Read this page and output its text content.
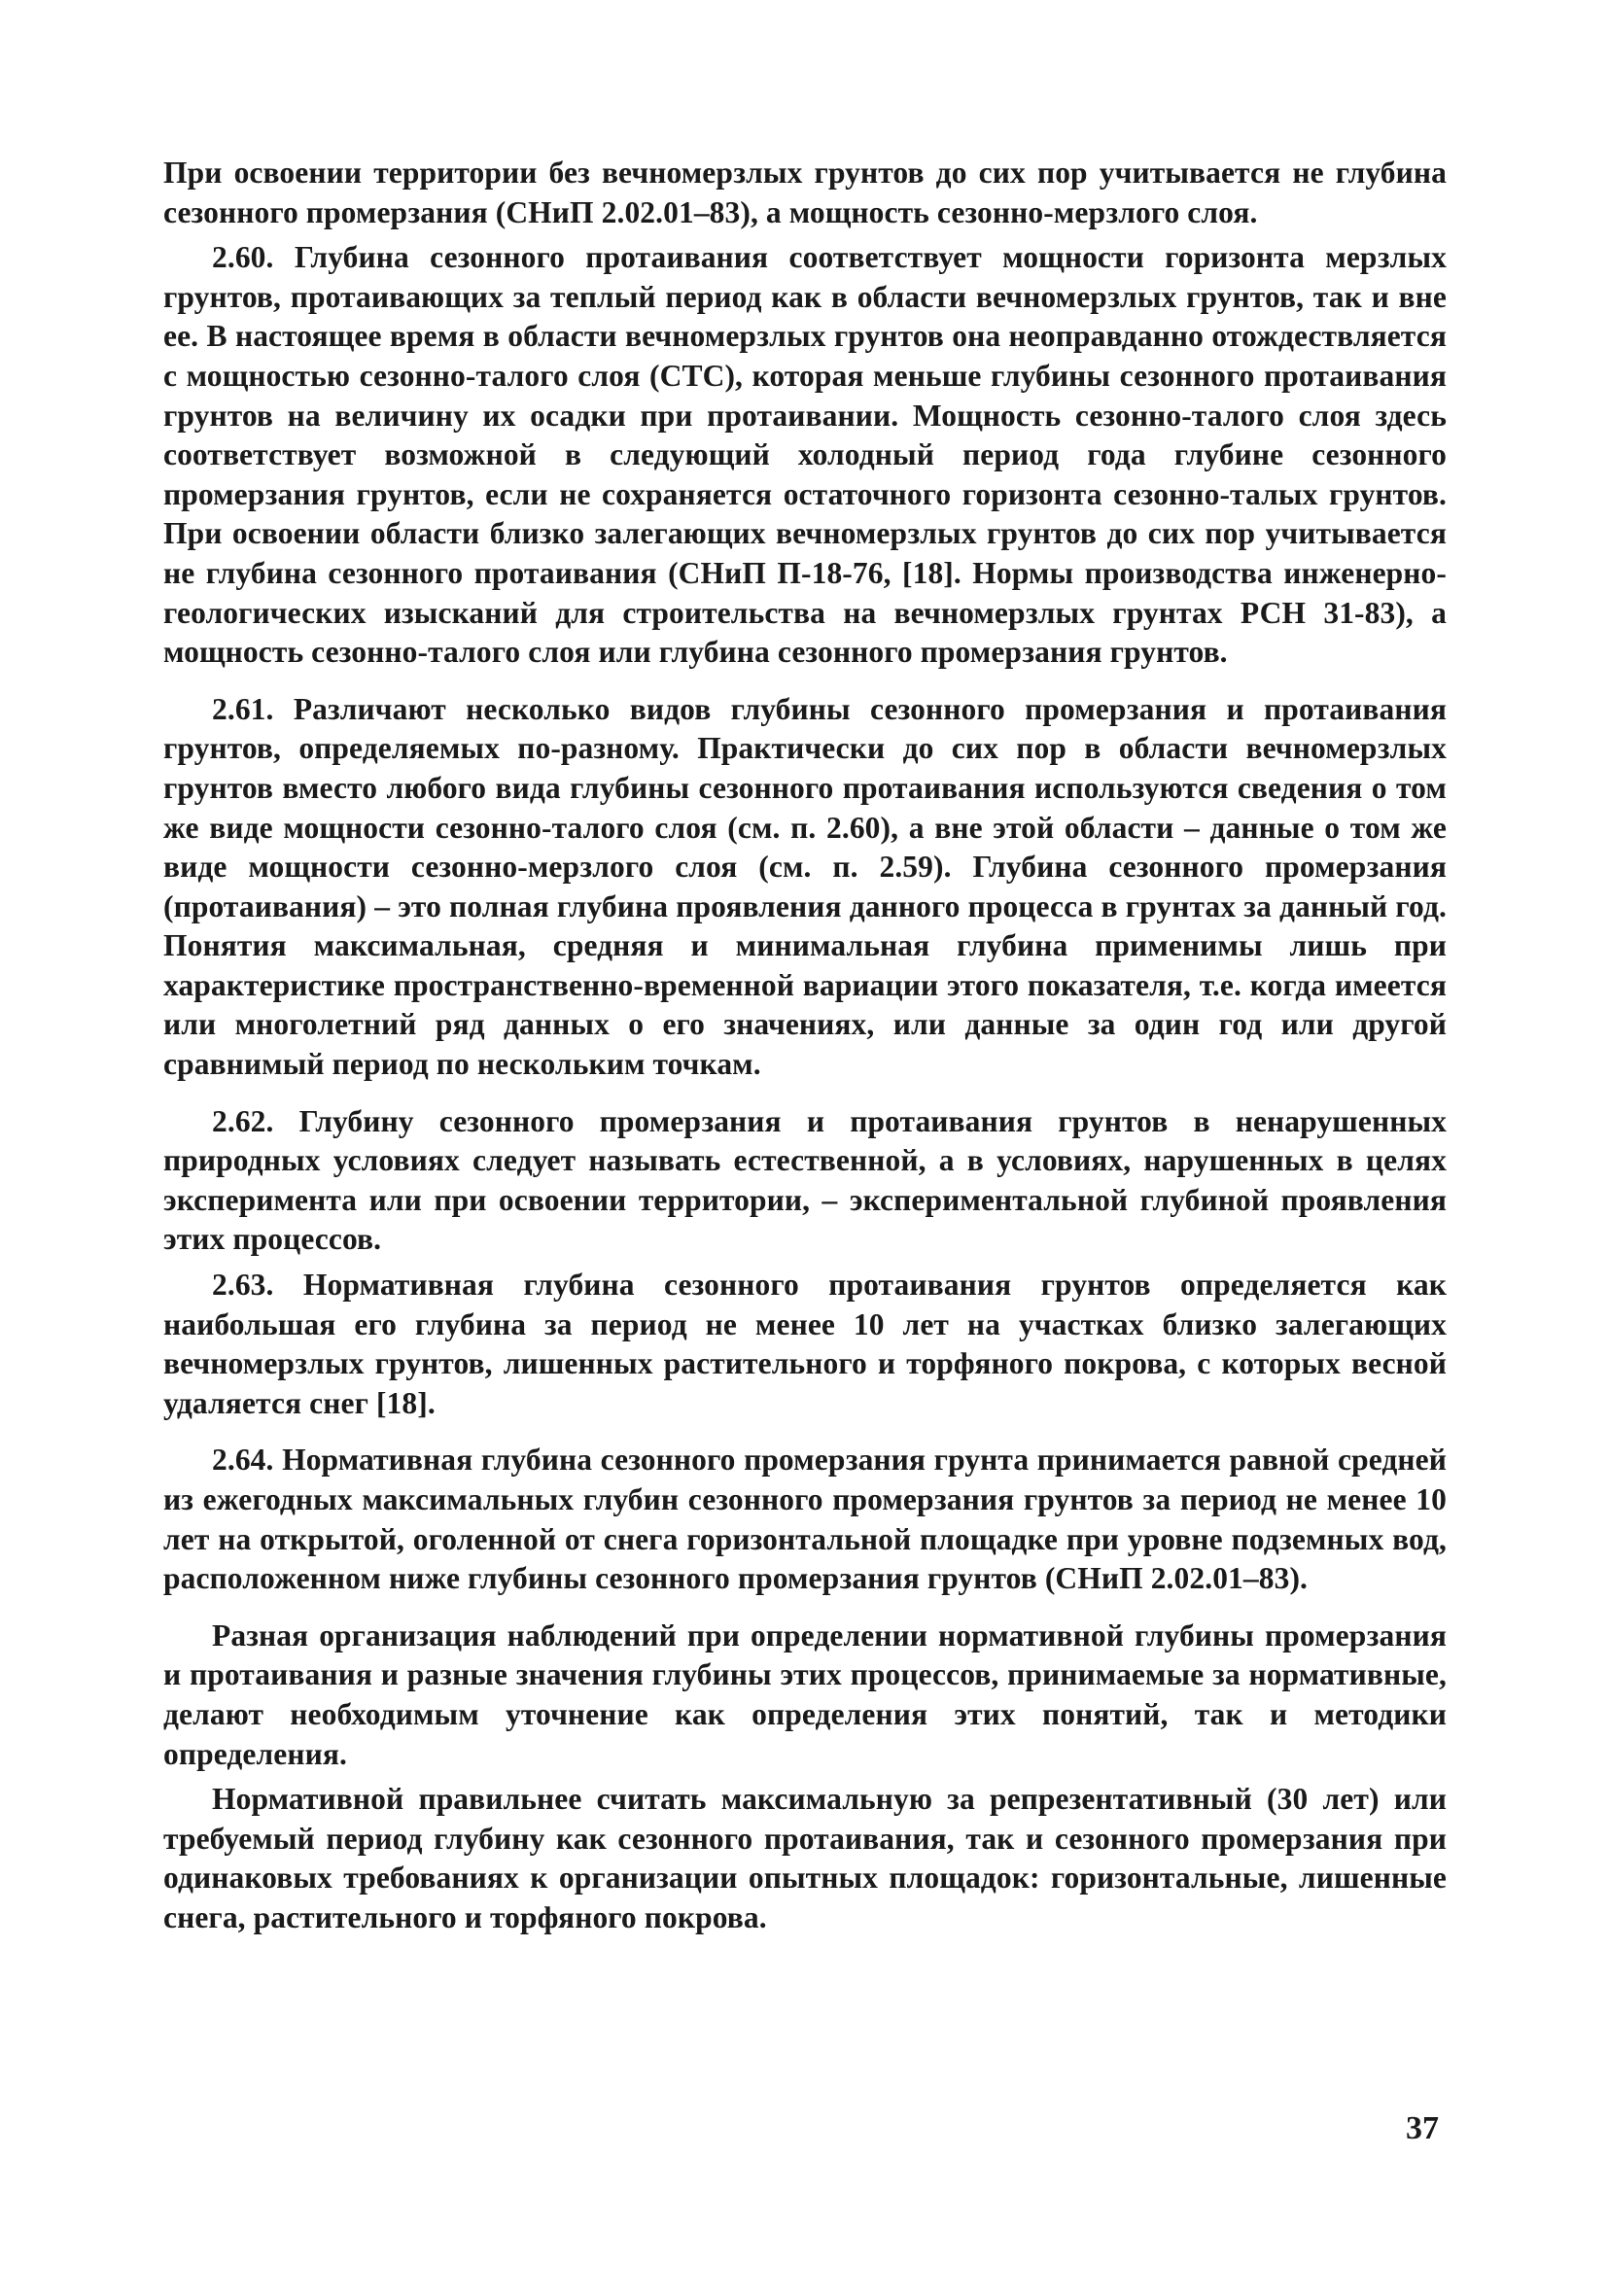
При освоении территории без вечномерзлых грунтов до сих пор учитывается не глубина сезонного промерзания (СНиП 2.02.01–83), а мощность сезонно-мерзлого слоя.

2.60. Глубина сезонного протаивания соответствует мощности горизонта мерзлых грунтов, протаивающих за теплый период как в области вечномерзлых грунтов, так и вне ее. В настоящее время в области вечномерзлых грунтов она неоправданно отождествляется с мощностью сезонно-талого слоя (СТС), которая меньше глубины сезонного протаивания грунтов на величину их осадки при протаивании. Мощность сезонно-талого слоя здесь соответствует возможной в следующий холодный период года глубине сезонного промерзания грунтов, если не сохраняется остаточного горизонта сезонно-талых грунтов. При освоении области близко залегающих вечномерзлых грунтов до сих пор учитывается не глубина сезонного протаивания (СНиП П-18-76, [18]. Нормы производства инженерно-геологических изысканий для строительства на вечномерзлых грунтах РСН 31-83), а мощность сезонно-талого слоя или глубина сезонного промерзания грунтов.

2.61. Различают несколько видов глубины сезонного промерзания и протаивания грунтов, определяемых по-разному. Практически до сих пор в области вечномерзлых грунтов вместо любого вида глубины сезонного протаивания используются сведения о том же виде мощности сезонно-талого слоя (см. п. 2.60), а вне этой области – данные о том же виде мощности сезонно-мерзлого слоя (см. п. 2.59). Глубина сезонного промерзания (протаивания) – это полная глубина проявления данного процесса в грунтах за данный год. Понятия максимальная, средняя и минимальная глубина применимы лишь при характеристике пространственно-временной вариации этого показателя, т.е. когда имеется или многолетний ряд данных о его значениях, или данные за один год или другой сравнимый период по нескольким точкам.

2.62. Глубину сезонного промерзания и протаивания грунтов в ненарушенных природных условиях следует называть естественной, а в условиях, нарушенных в целях эксперимента или при освоении территории, – экспериментальной глубиной проявления этих процессов.

2.63. Нормативная глубина сезонного протаивания грунтов определяется как наибольшая его глубина за период не менее 10 лет на участках близко залегающих вечномерзлых грунтов, лишенных растительного и торфяного покрова, с которых весной удаляется снег [18].

2.64. Нормативная глубина сезонного промерзания грунта принимается равной средней из ежегодных максимальных глубин сезонного промерзания грунтов за период не менее 10 лет на открытой, оголенной от снега горизонтальной площадке при уровне подземных вод, расположенном ниже глубины сезонного промерзания грунтов (СНиП 2.02.01–83).

Разная организация наблюдений при определении нормативной глубины промерзания и протаивания и разные значения глубины этих процессов, принимаемые за нормативные, делают необходимым уточнение как определения этих понятий, так и методики определения.

Нормативной правильнее считать максимальную за репрезентативный (30 лет) или требуемый период глубину как сезонного протаивания, так и сезонного промерзания при одинаковых требованиях к организации опытных площадок: горизонтальные, лишенные снега, растительного и торфяного покрова.

37
